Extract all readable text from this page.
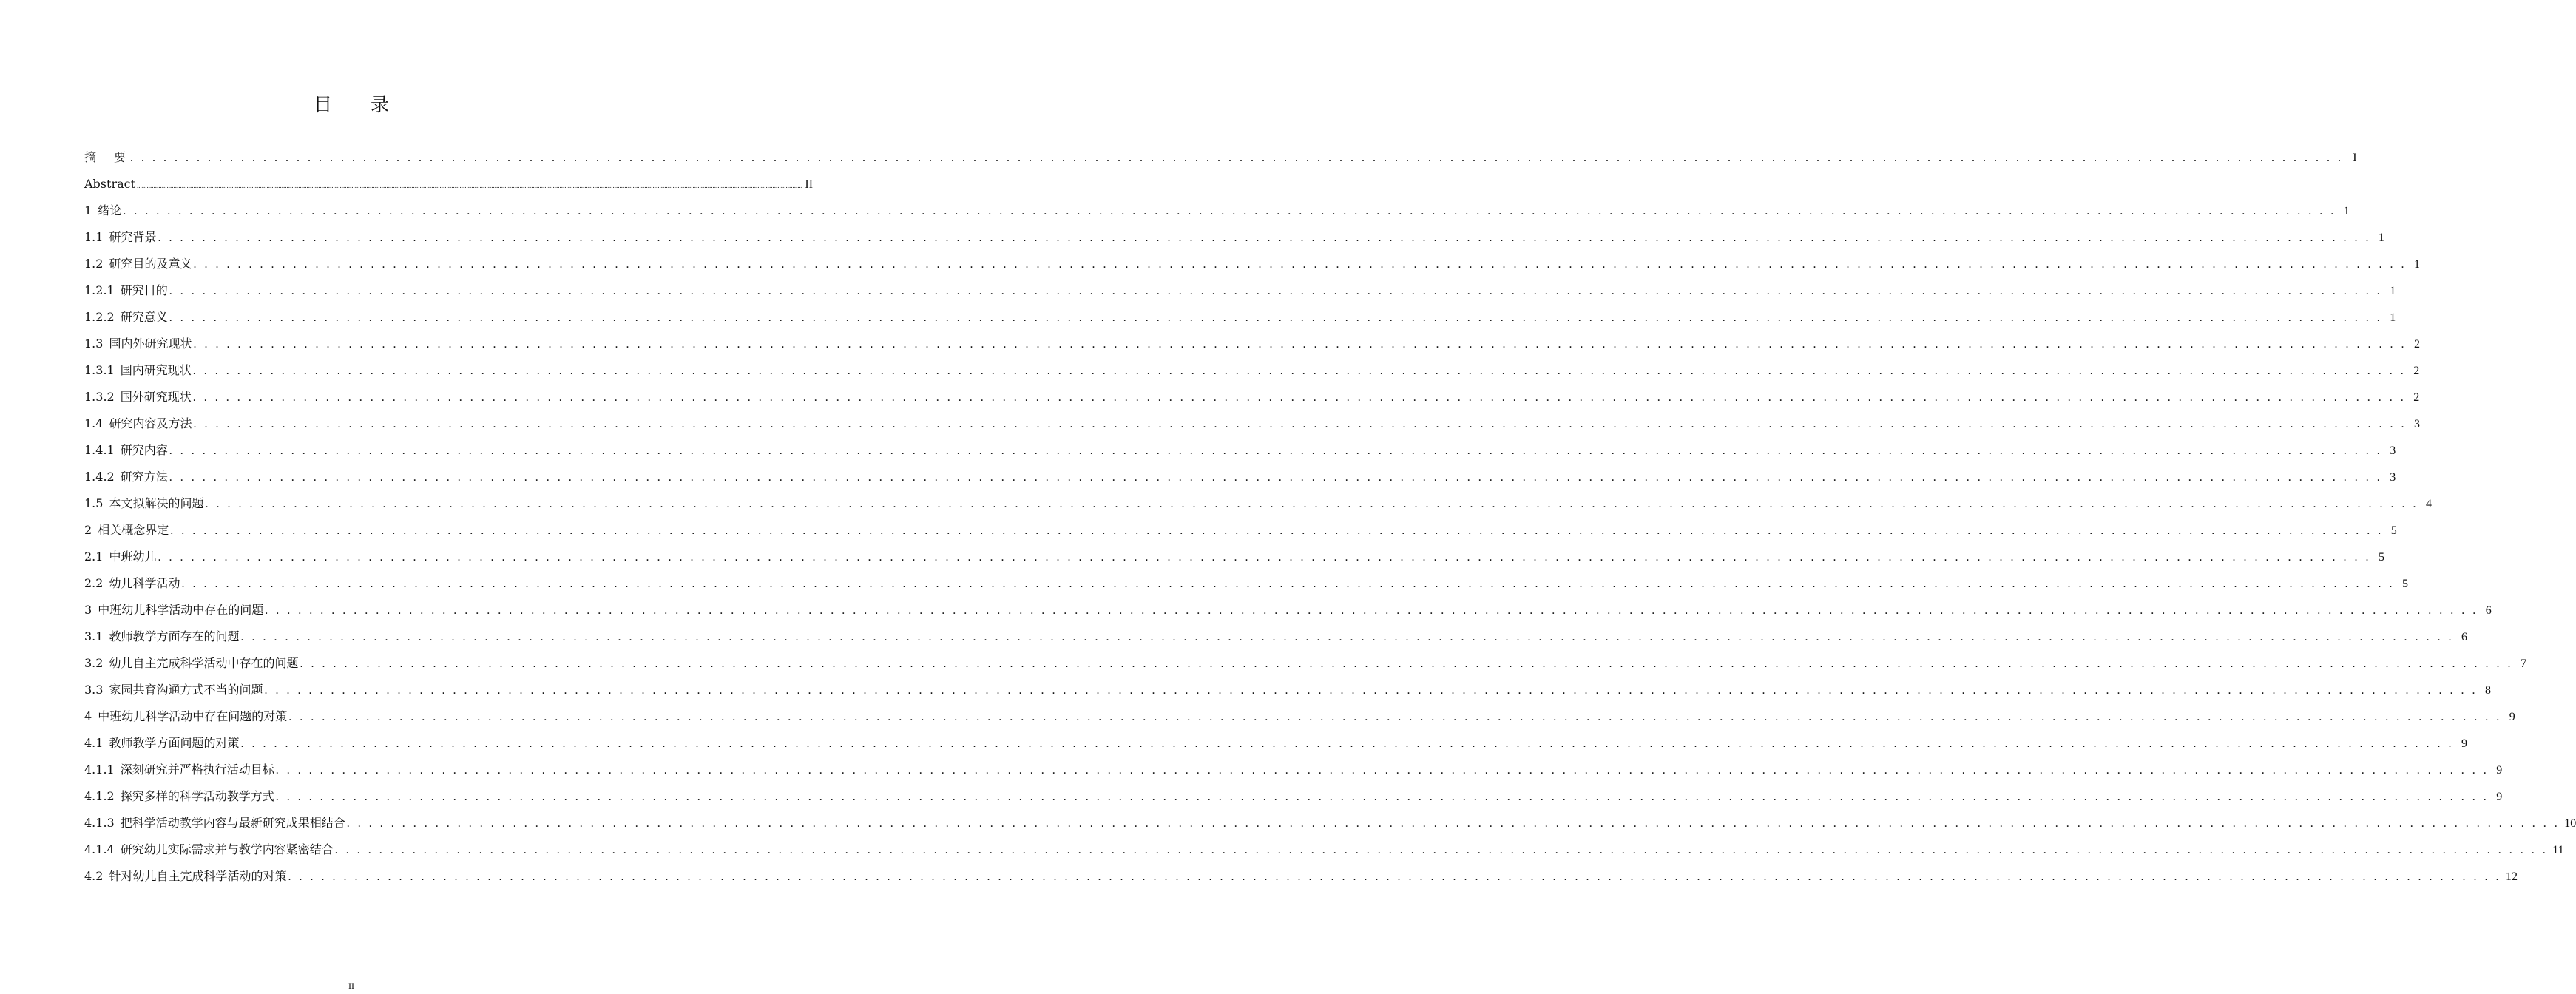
目 录
摘　要 . . . . . . . . . . . . . . . . . . . . . . . . . . . . . . . . . . . . . . . . . . . . . . . . . . . . . . . . . . . . . . . . . . . . . . . . . . . . . . . . . . . . . . . . . . . . . . . . . . . . . . . . . . . . . . . . . . . . . . . . . . . . . . . . . . . . . . . . . . . . . . . . . . . . . . . . . . . . . . . . . . . . . . . . . . . . . . . . . . . . . . . . . . . . . . . . . . . . . . . . I
Abstract ................................................................................................................................................................................................................................................................................................................................................................................................................ II
1 绪论 . . . . . . . . . . . . . . . . . . . . . . . . . . . . . . . . . . . . . . . . . . . . . . . . . . . . . . . . . . . . . . . . . . . . . . . . . . . . . . . . . . . . . . . . . . . . . . . . . . . . . . . . . . . . . . . . . . . . . . . . . . . . . . . . . . . . . . . . . . . . . . . . . . . . . . . . . . . . . . . . . . . . . . . . . . . . . . . . . . . . . . . . . . . . . . . . . . . . . . . . 1
1.1 研究背景 . . . . . . . . . . . . . . . . . . . . . . . . . . . . . . . . . . . . . . . . . . . . . . . . . . . . . . . . . . . . . . . . . . . . . . . . . . . . . . . . . . . . . . . . . . . . . . . . . . . . . . . . . . . . . . . . . . . . . . . . . . . . . . . . . . . . . . . . . . . . . . . . . . . . . . . . . . . . . . . . . . . . . . . . . . . . . . . . . . . . . . . . . . . . . . . . . . . . . . . . 1
1.2 研究目的及意义 . . . . . . . . . . . . . . . . . . . . . . . . . . . . . . . . . . . . . . . . . . . . . . . . . . . . . . . . . . . . . . . . . . . . . . . . . . . . . . . . . . . . . . . . . . . . . . . . . . . . . . . . . . . . . . . . . . . . . . . . . . . . . . . . . . . . . . . . . . . . . . . . . . . . . . . . . . . . . . . . . . . . . . . . . . . . . . . . . . . . . . . . . . . . . . . . . . . . . . . . 1
1.2.1 研究目的 . . . . . . . . . . . . . . . . . . . . . . . . . . . . . . . . . . . . . . . . . . . . . . . . . . . . . . . . . . . . . . . . . . . . . . . . . . . . . . . . . . . . . . . . . . . . . . . . . . . . . . . . . . . . . . . . . . . . . . . . . . . . . . . . . . . . . . . . . . . . . . . . . . . . . . . . . . . . . . . . . . . . . . . . . . . . . . . . . . . . . . . . . . . . . . . . . . . . . . . . 1
1.2.2 研究意义 . . . . . . . . . . . . . . . . . . . . . . . . . . . . . . . . . . . . . . . . . . . . . . . . . . . . . . . . . . . . . . . . . . . . . . . . . . . . . . . . . . . . . . . . . . . . . . . . . . . . . . . . . . . . . . . . . . . . . . . . . . . . . . . . . . . . . . . . . . . . . . . . . . . . . . . . . . . . . . . . . . . . . . . . . . . . . . . . . . . . . . . . . . . . . . . . . . . . . . . . 1
1.3 国内外研究现状 . . . . . . . . . . . . . . . . . . . . . . . . . . . . . . . . . . . . . . . . . . . . . . . . . . . . . . . . . . . . . . . . . . . . . . . . . . . . . . . . . . . . . . . . . . . . . . . . . . . . . . . . . . . . . . . . . . . . . . . . . . . . . . . . . . . . . . . . . . . . . . . . . . . . . . . . . . . . . . . . . . . . . . . . . . . . . . . . . . . . . . . . . . . . . . . . . . . . . . . . 2
1.3.1 国内研究现状 . . . . . . . . . . . . . . . . . . . . . . . . . . . . . . . . . . . . . . . . . . . . . . . . . . . . . . . . . . . . . . . . . . . . . . . . . . . . . . . . . . . . . . . . . . . . . . . . . . . . . . . . . . . . . . . . . . . . . . . . . . . . . . . . . . . . . . . . . . . . . . . . . . . . . . . . . . . . . . . . . . . . . . . . . . . . . . . . . . . . . . . . . . . . . . . . . . . . . . . . 2
1.3.2 国外研究现状 . . . . . . . . . . . . . . . . . . . . . . . . . . . . . . . . . . . . . . . . . . . . . . . . . . . . . . . . . . . . . . . . . . . . . . . . . . . . . . . . . . . . . . . . . . . . . . . . . . . . . . . . . . . . . . . . . . . . . . . . . . . . . . . . . . . . . . . . . . . . . . . . . . . . . . . . . . . . . . . . . . . . . . . . . . . . . . . . . . . . . . . . . . . . . . . . . . . . . . . . 2
1.4 研究内容及方法 . . . . . . . . . . . . . . . . . . . . . . . . . . . . . . . . . . . . . . . . . . . . . . . . . . . . . . . . . . . . . . . . . . . . . . . . . . . . . . . . . . . . . . . . . . . . . . . . . . . . . . . . . . . . . . . . . . . . . . . . . . . . . . . . . . . . . . . . . . . . . . . . . . . . . . . . . . . . . . . . . . . . . . . . . . . . . . . . . . . . . . . . . . . . . . . . . . . . . . . . 3
1.4.1 研究内容 . . . . . . . . . . . . . . . . . . . . . . . . . . . . . . . . . . . . . . . . . . . . . . . . . . . . . . . . . . . . . . . . . . . . . . . . . . . . . . . . . . . . . . . . . . . . . . . . . . . . . . . . . . . . . . . . . . . . . . . . . . . . . . . . . . . . . . . . . . . . . . . . . . . . . . . . . . . . . . . . . . . . . . . . . . . . . . . . . . . . . . . . . . . . . . . . . . . . . . . . 3
1.4.2 研究方法 . . . . . . . . . . . . . . . . . . . . . . . . . . . . . . . . . . . . . . . . . . . . . . . . . . . . . . . . . . . . . . . . . . . . . . . . . . . . . . . . . . . . . . . . . . . . . . . . . . . . . . . . . . . . . . . . . . . . . . . . . . . . . . . . . . . . . . . . . . . . . . . . . . . . . . . . . . . . . . . . . . . . . . . . . . . . . . . . . . . . . . . . . . . . . . . . . . . . . . . . 3
1.5 本文拟解决的问题 . . . . . . . . . . . . . . . . . . . . . . . . . . . . . . . . . . . . . . . . . . . . . . . . . . . . . . . . . . . . . . . . . . . . . . . . . . . . . . . . . . . . . . . . . . . . . . . . . . . . . . . . . . . . . . . . . . . . . . . . . . . . . . . . . . . . . . . . . . . . . . . . . . . . . . . . . . . . . . . . . . . . . . . . . . . . . . . . . . . . . . . . . . . . . . . . . . . . . . . . 4
2 相关概念界定 . . . . . . . . . . . . . . . . . . . . . . . . . . . . . . . . . . . . . . . . . . . . . . . . . . . . . . . . . . . . . . . . . . . . . . . . . . . . . . . . . . . . . . . . . . . . . . . . . . . . . . . . . . . . . . . . . . . . . . . . . . . . . . . . . . . . . . . . . . . . . . . . . . . . . . . . . . . . . . . . . . . . . . . . . . . . . . . . . . . . . . . . . . . . . . . . . . . . . . . . 5
2.1 中班幼儿 . . . . . . . . . . . . . . . . . . . . . . . . . . . . . . . . . . . . . . . . . . . . . . . . . . . . . . . . . . . . . . . . . . . . . . . . . . . . . . . . . . . . . . . . . . . . . . . . . . . . . . . . . . . . . . . . . . . . . . . . . . . . . . . . . . . . . . . . . . . . . . . . . . . . . . . . . . . . . . . . . . . . . . . . . . . . . . . . . . . . . . . . . . . . . . . . . . . . . . . . 5
2.2 幼儿科学活动 . . . . . . . . . . . . . . . . . . . . . . . . . . . . . . . . . . . . . . . . . . . . . . . . . . . . . . . . . . . . . . . . . . . . . . . . . . . . . . . . . . . . . . . . . . . . . . . . . . . . . . . . . . . . . . . . . . . . . . . . . . . . . . . . . . . . . . . . . . . . . . . . . . . . . . . . . . . . . . . . . . . . . . . . . . . . . . . . . . . . . . . . . . . . . . . . . . . . . . . . 5
3 中班幼儿科学活动中存在的问题 . . . . . . . . . . . . . . . . . . . . . . . . . . . . . . . . . . . . . . . . . . . . . . . . . . . . . . . . . . . . . . . . . . . . . . . . . . . . . . . . . . . . . . . . . . . . . . . . . . . . . . . . . . . . . . . . . . . . . . . . . . . . . . . . . . . . . . . . . . . . . . . . . . . . . . . . . . . . . . . . . . . . . . . . . . . . . . . . . . . . . . . . . . . . . . . . . . . . . . . . 6
3.1 教师教学方面存在的问题 . . . . . . . . . . . . . . . . . . . . . . . . . . . . . . . . . . . . . . . . . . . . . . . . . . . . . . . . . . . . . . . . . . . . . . . . . . . . . . . . . . . . . . . . . . . . . . . . . . . . . . . . . . . . . . . . . . . . . . . . . . . . . . . . . . . . . . . . . . . . . . . . . . . . . . . . . . . . . . . . . . . . . . . . . . . . . . . . . . . . . . . . . . . . . . . . . . . . . . . . 6
3.2 幼儿自主完成科学活动中存在的问题 . . . . . . . . . . . . . . . . . . . . . . . . . . . . . . . . . . . . . . . . . . . . . . . . . . . . . . . . . . . . . . . . . . . . . . . . . . . . . . . . . . . . . . . . . . . . . . . . . . . . . . . . . . . . . . . . . . . . . . . . . . . . . . . . . . . . . . . . . . . . . . . . . . . . . . . . . . . . . . . . . . . . . . . . . . . . . . . . . . . . . . . . . . . . . . . . . . . . . . . . 7
3.3 家园共育沟通方式不当的问题 . . . . . . . . . . . . . . . . . . . . . . . . . . . . . . . . . . . . . . . . . . . . . . . . . . . . . . . . . . . . . . . . . . . . . . . . . . . . . . . . . . . . . . . . . . . . . . . . . . . . . . . . . . . . . . . . . . . . . . . . . . . . . . . . . . . . . . . . . . . . . . . . . . . . . . . . . . . . . . . . . . . . . . . . . . . . . . . . . . . . . . . . . . . . . . . . . . . . . . . . 8
4 中班幼儿科学活动中存在问题的对策 . . . . . . . . . . . . . . . . . . . . . . . . . . . . . . . . . . . . . . . . . . . . . . . . . . . . . . . . . . . . . . . . . . . . . . . . . . . . . . . . . . . . . . . . . . . . . . . . . . . . . . . . . . . . . . . . . . . . . . . . . . . . . . . . . . . . . . . . . . . . . . . . . . . . . . . . . . . . . . . . . . . . . . . . . . . . . . . . . . . . . . . . . . . . . . . . . . . . . . . . 9
4.1 教师教学方面问题的对策 . . . . . . . . . . . . . . . . . . . . . . . . . . . . . . . . . . . . . . . . . . . . . . . . . . . . . . . . . . . . . . . . . . . . . . . . . . . . . . . . . . . . . . . . . . . . . . . . . . . . . . . . . . . . . . . . . . . . . . . . . . . . . . . . . . . . . . . . . . . . . . . . . . . . . . . . . . . . . . . . . . . . . . . . . . . . . . . . . . . . . . . . . . . . . . . . . . . . . . . . 9
4.1.1 深刻研究并严格执行活动目标 . . . . . . . . . . . . . . . . . . . . . . . . . . . . . . . . . . . . . . . . . . . . . . . . . . . . . . . . . . . . . . . . . . . . . . . . . . . . . . . . . . . . . . . . . . . . . . . . . . . . . . . . . . . . . . . . . . . . . . . . . . . . . . . . . . . . . . . . . . . . . . . . . . . . . . . . . . . . . . . . . . . . . . . . . . . . . . . . . . . . . . . . . . . . . . . . . . . . . . . . 9
4.1.2 探究多样的科学活动教学方式 . . . . . . . . . . . . . . . . . . . . . . . . . . . . . . . . . . . . . . . . . . . . . . . . . . . . . . . . . . . . . . . . . . . . . . . . . . . . . . . . . . . . . . . . . . . . . . . . . . . . . . . . . . . . . . . . . . . . . . . . . . . . . . . . . . . . . . . . . . . . . . . . . . . . . . . . . . . . . . . . . . . . . . . . . . . . . . . . . . . . . . . . . . . . . . . . . . . . . . . . 9
4.1.3 把科学活动教学内容与最新研究成果相结合 . . . . . . . . . . . . . . . . . . . . . . . . . . . . . . . . . . . . . . . . . . . . . . . . . . . . . . . . . . . . . . . . . . . . . . . . . . . . . . . . . . . . . . . . . . . . . . . . . . . . . . . . . . . . . . . . . . . . . . . . . . . . . . . . . . . . . . . . . . . . . . . . . . . . . . . . . . . . . . . . . . . . . . . . . . . . . . . . . . . . . . . . . . . . . . . . . . . . . . . . 10
4.1.4 研究幼儿实际需求并与教学内容紧密结合 . . . . . . . . . . . . . . . . . . . . . . . . . . . . . . . . . . . . . . . . . . . . . . . . . . . . . . . . . . . . . . . . . . . . . . . . . . . . . . . . . . . . . . . . . . . . . . . . . . . . . . . . . . . . . . . . . . . . . . . . . . . . . . . . . . . . . . . . . . . . . . . . . . . . . . . . . . . . . . . . . . . . . . . . . . . . . . . . . . . . . . . . . . . . . . . . . . . . . . . . 11
4.2 针对幼儿自主完成科学活动的对策 . . . . . . . . . . . . . . . . . . . . . . . . . . . . . . . . . . . . . . . . . . . . . . . . . . . . . . . . . . . . . . . . . . . . . . . . . . . . . . . . . . . . . . . . . . . . . . . . . . . . . . . . . . . . . . . . . . . . . . . . . . . . . . . . . . . . . . . . . . . . . . . . . . . . . . . . . . . . . . . . . . . . . . . . . . . . . . . . . . . . . . . . . . . . . . . . . . . . . . . . 12
II
